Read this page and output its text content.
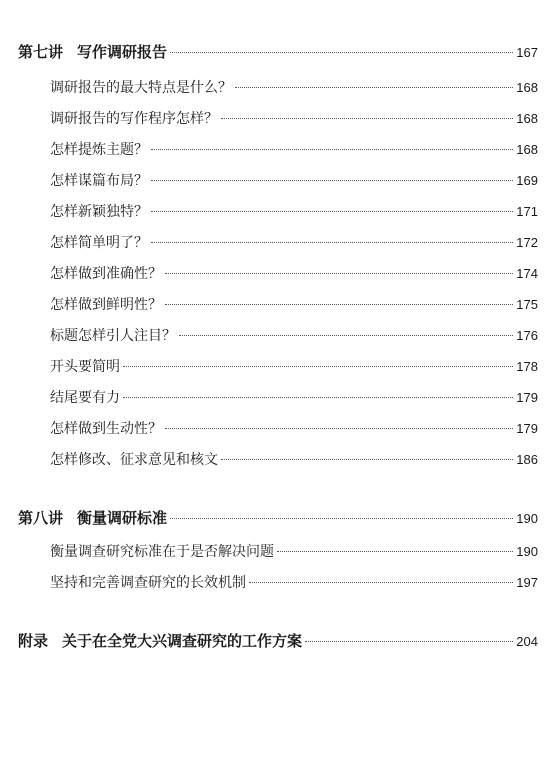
第七讲 写作调研报告	167
调研报告的最大特点是什么？	168
调研报告的写作程序怎样？	168
怎样提炼主题？	168
怎样谋篇布局？	169
怎样新颖独特？	171
怎样简单明了？	172
怎样做到准确性？	174
怎样做到鲜明性？	175
标题怎样引人注目？	176
开头要简明	178
结尾要有力	179
怎样做到生动性？	179
怎样修改、征求意见和核文	186
第八讲 衡量调研标准	190
衡量调查研究标准在于是否解决问题	190
坚持和完善调查研究的长效机制	197
附录 关于在全党大兴调查研究的工作方案	204
